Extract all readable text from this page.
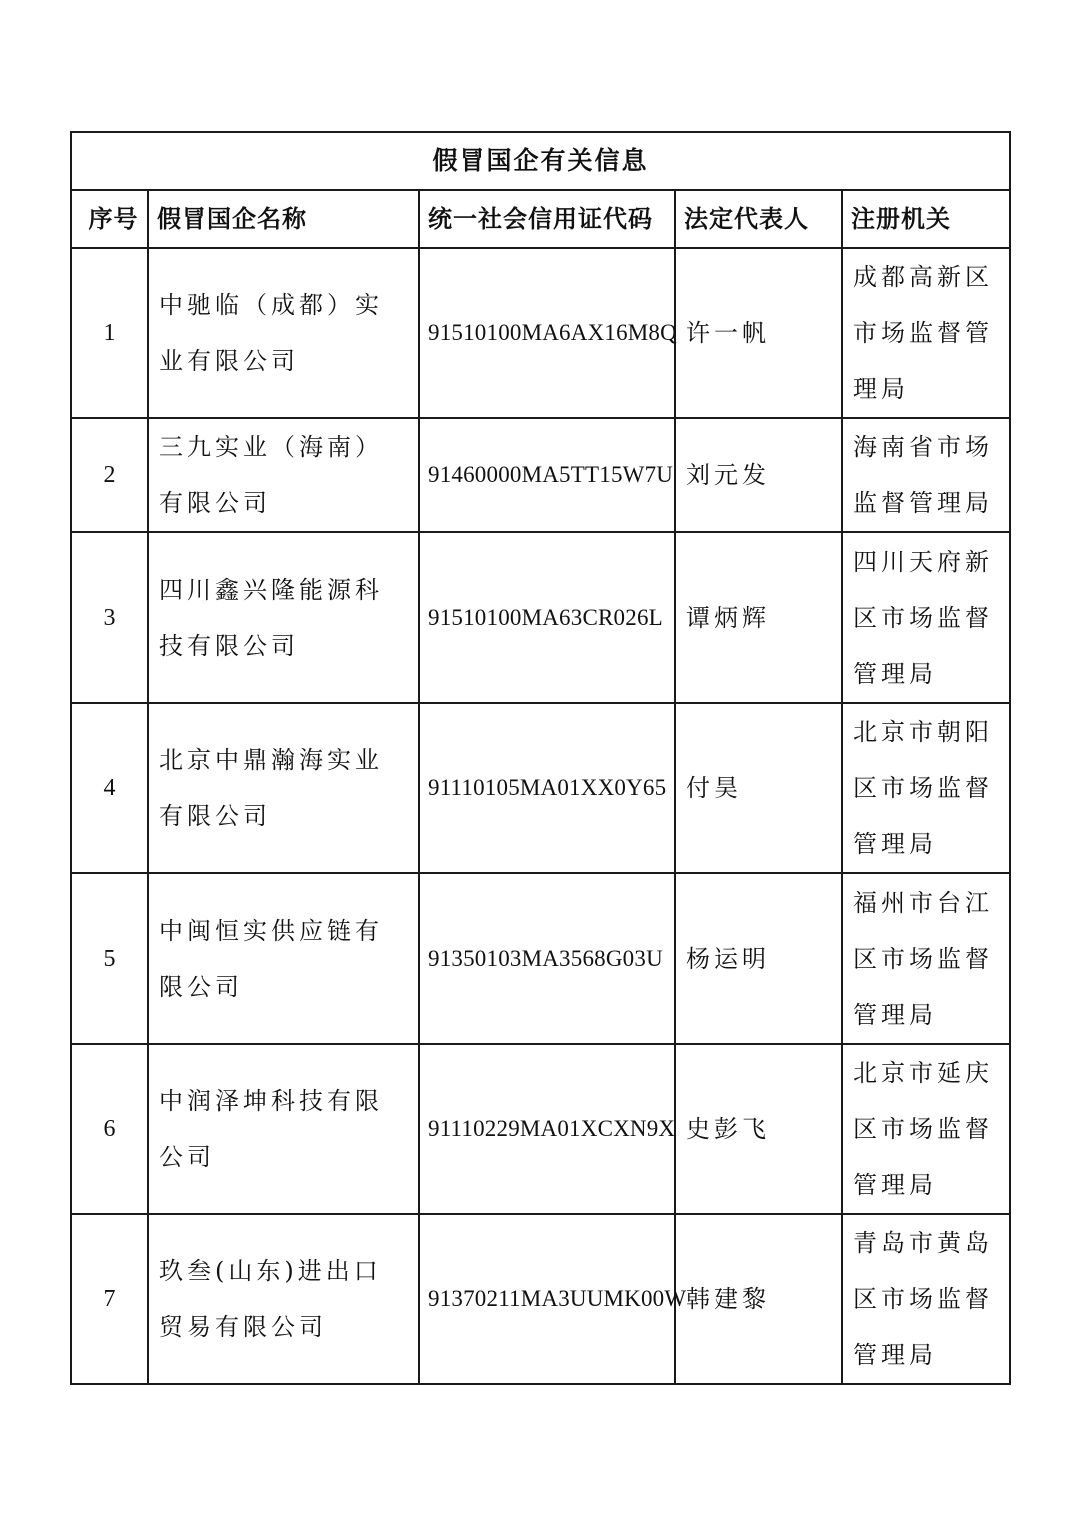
假冒国企有关信息				
序号	假冒国企名称	统一社会信用证代码	法定代表人	注册机关
1	中驰临（成都）实业有限公司	91510100MA6AX16M8Q	许一帆	成都高新区市场监督管理局
2	三九实业（海南）有限公司	91460000MA5TT15W7U	刘元发	海南省市场监督管理局
3	四川鑫兴隆能源科技有限公司	91510100MA63CR026L	谭炳辉	四川天府新区市场监督管理局
4	北京中鼎瀚海实业有限公司	91110105MA01XX0Y65	付昊	北京市朝阳区市场监督管理局
5	中闽恒实供应链有限公司	91350103MA3568G03U	杨运明	福州市台江区市场监督管理局
6	中润泽坤科技有限公司	91110229MA01XCXN9X	史彭飞	北京市延庆区市场监督管理局
7	玖叁(山东)进出口贸易有限公司	91370211MA3UUMK00W	韩建黎	青岛市黄岛区市场监督管理局
